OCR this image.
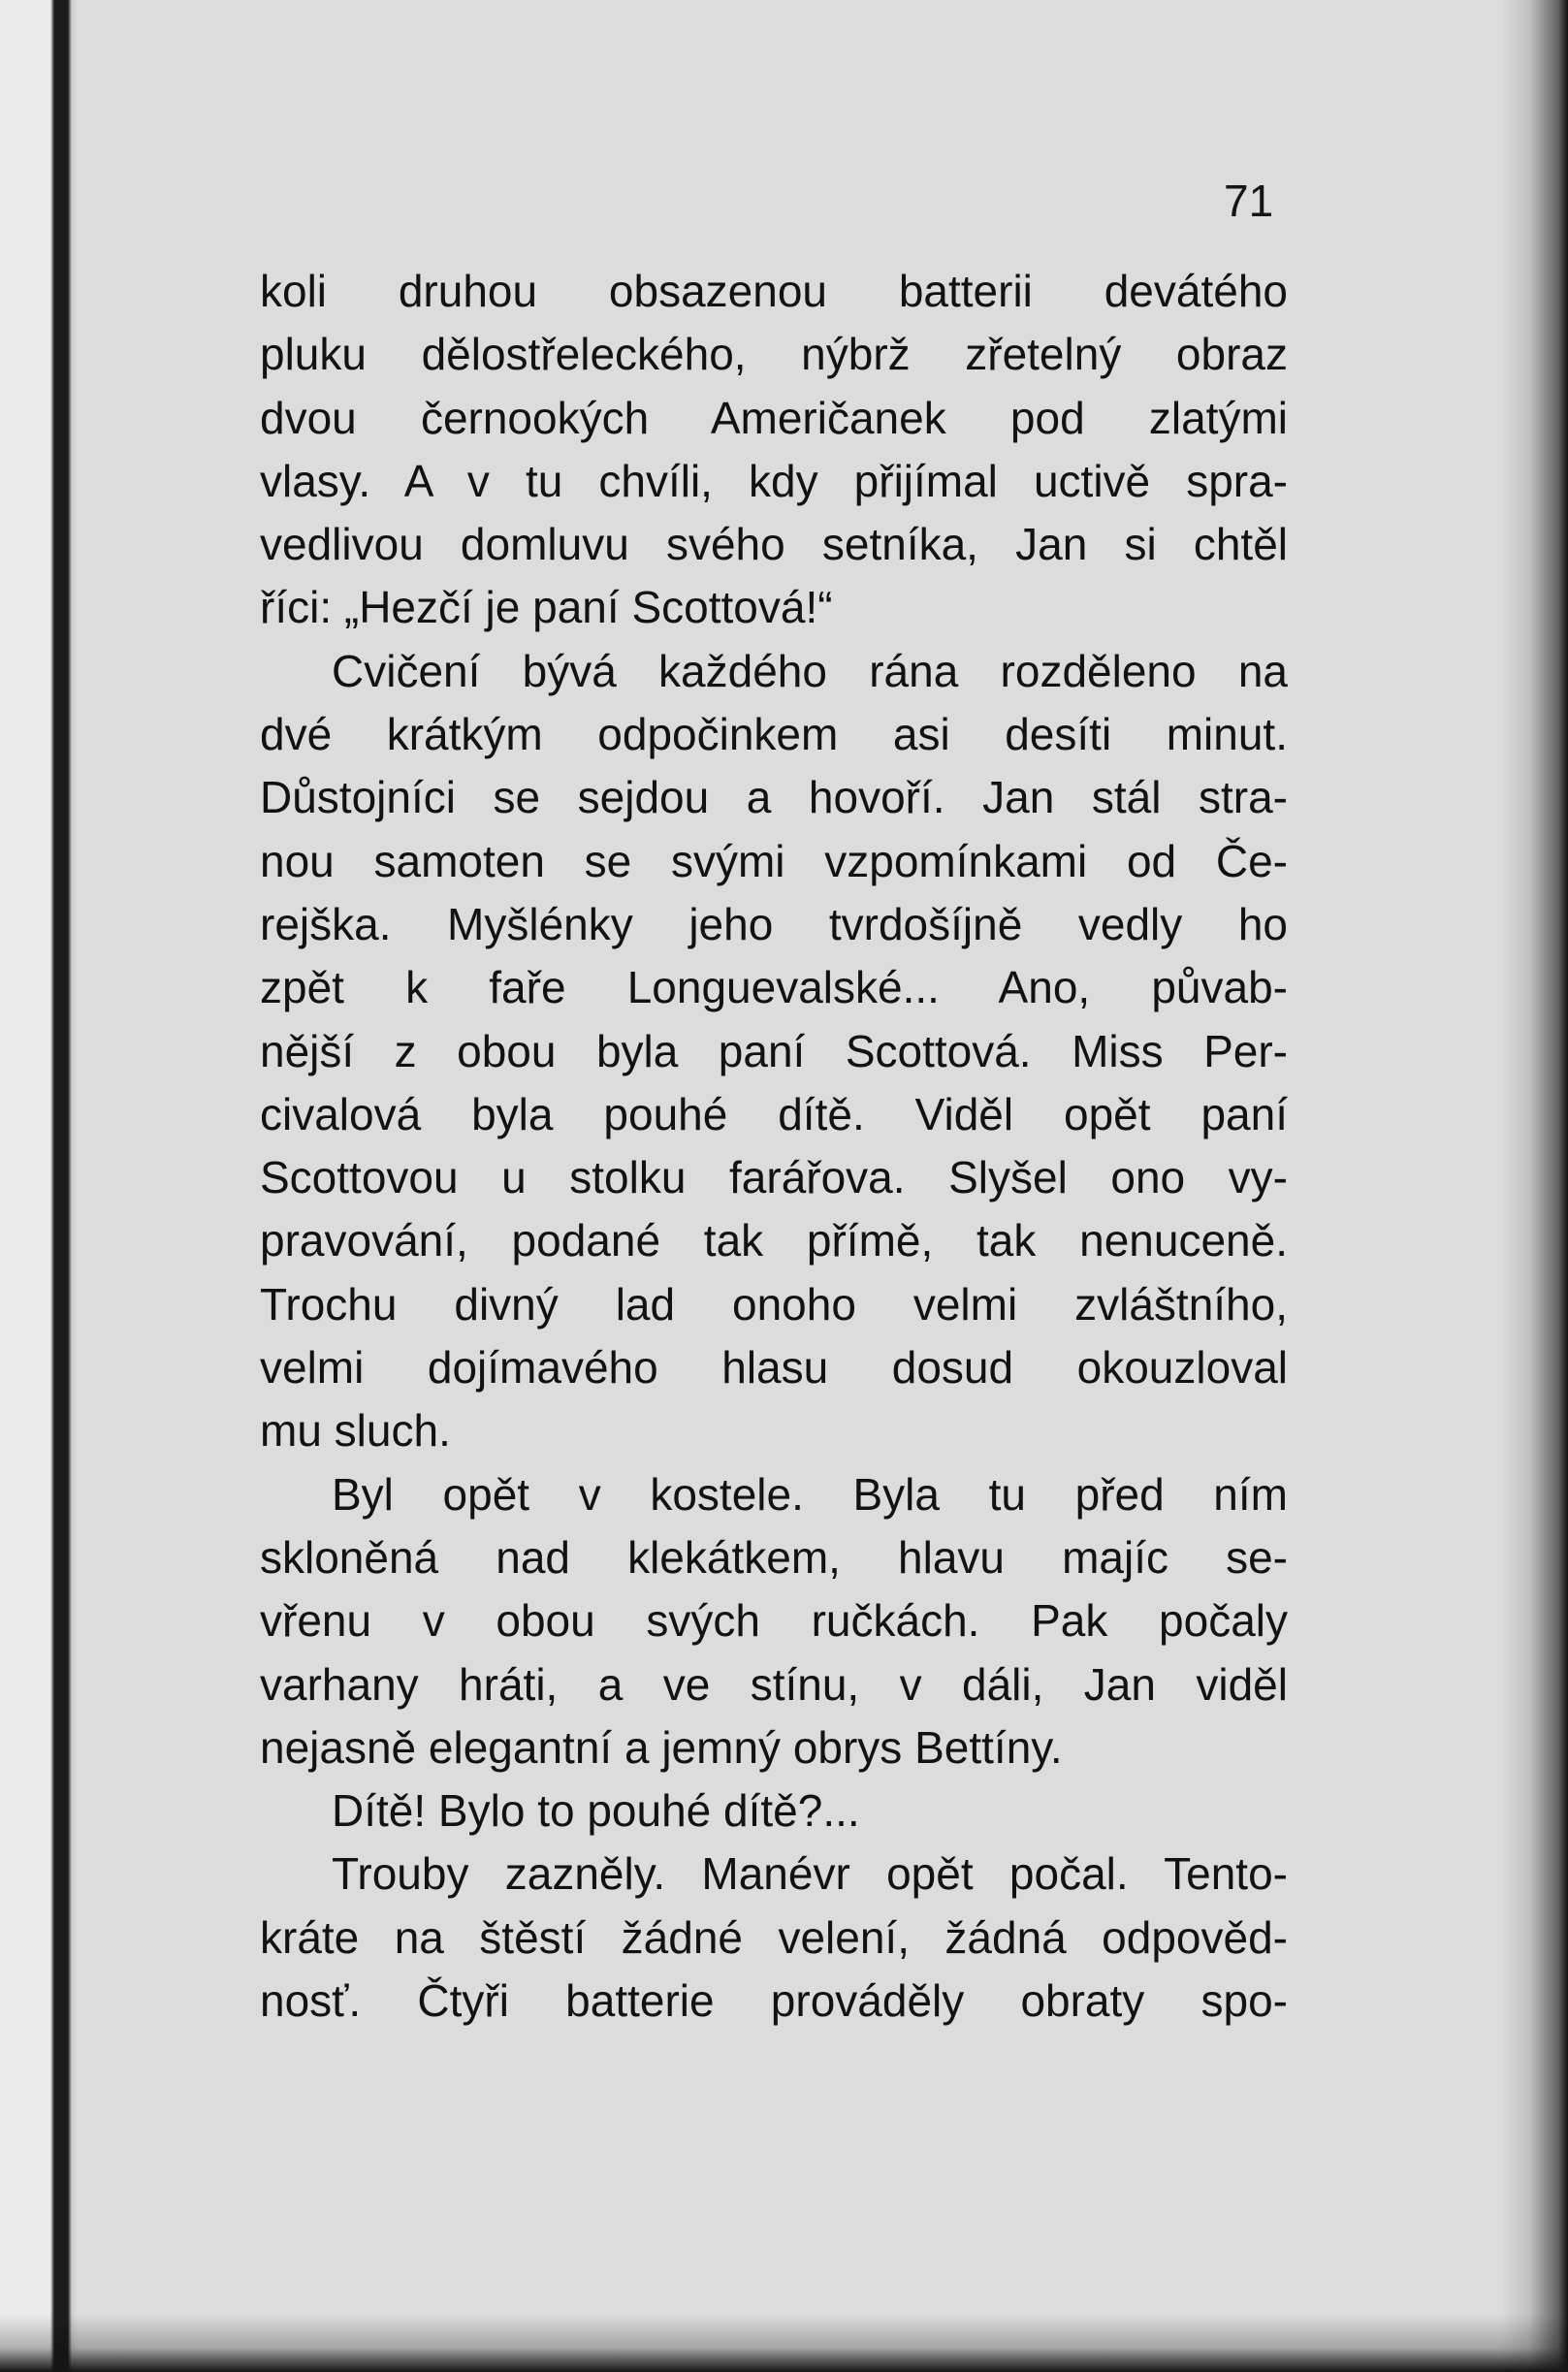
71
koli druhou obsazenou batterii devátého
pluku dělostřeleckého, nýbrž zřetelný obraz
dvou černookých Američanek pod zlatými
vlasy. A v tu chvíli, kdy přijímal uctivě spra-
vedlivou domluvu svého setníka, Jan si chtěl
říci: „Hezčí je paní Scottová!“
Cvičení bývá každého rána rozděleno na
dvé krátkým odpočinkem asi desíti minut.
Důstojníci se sejdou a hovoří. Jan stál stra-
nou samoten se svými vzpomínkami od Če-
rejška. Myšlénky jeho tvrdošíjně vedly ho
zpět k faře Longuevalské... Ano, půvab-
nější z obou byla paní Scottová. Miss Per-
civalová byla pouhé dítě. Viděl opět paní
Scottovou u stolku farářova. Slyšel ono vy-
pravování, podané tak přímě, tak nenuceně.
Trochu divný lad onoho velmi zvláštního,
velmi dojímavého hlasu dosud okouzloval
mu sluch.
Byl opět v kostele. Byla tu před ním
skloněná nad klekátkem, hlavu majíc se-
vřenu v obou svých ručkách. Pak počaly
varhany hráti, a ve stínu, v dáli, Jan viděl
nejasně elegantní a jemný obrys Bettíny.
Dítě! Bylo to pouhé dítě?...
Trouby zazněly. Manévr opět počal. Tento-
kráte na štěstí žádné velení, žádná odpověd-
nosť. Čtyři batterie prováděly obraty spo-
